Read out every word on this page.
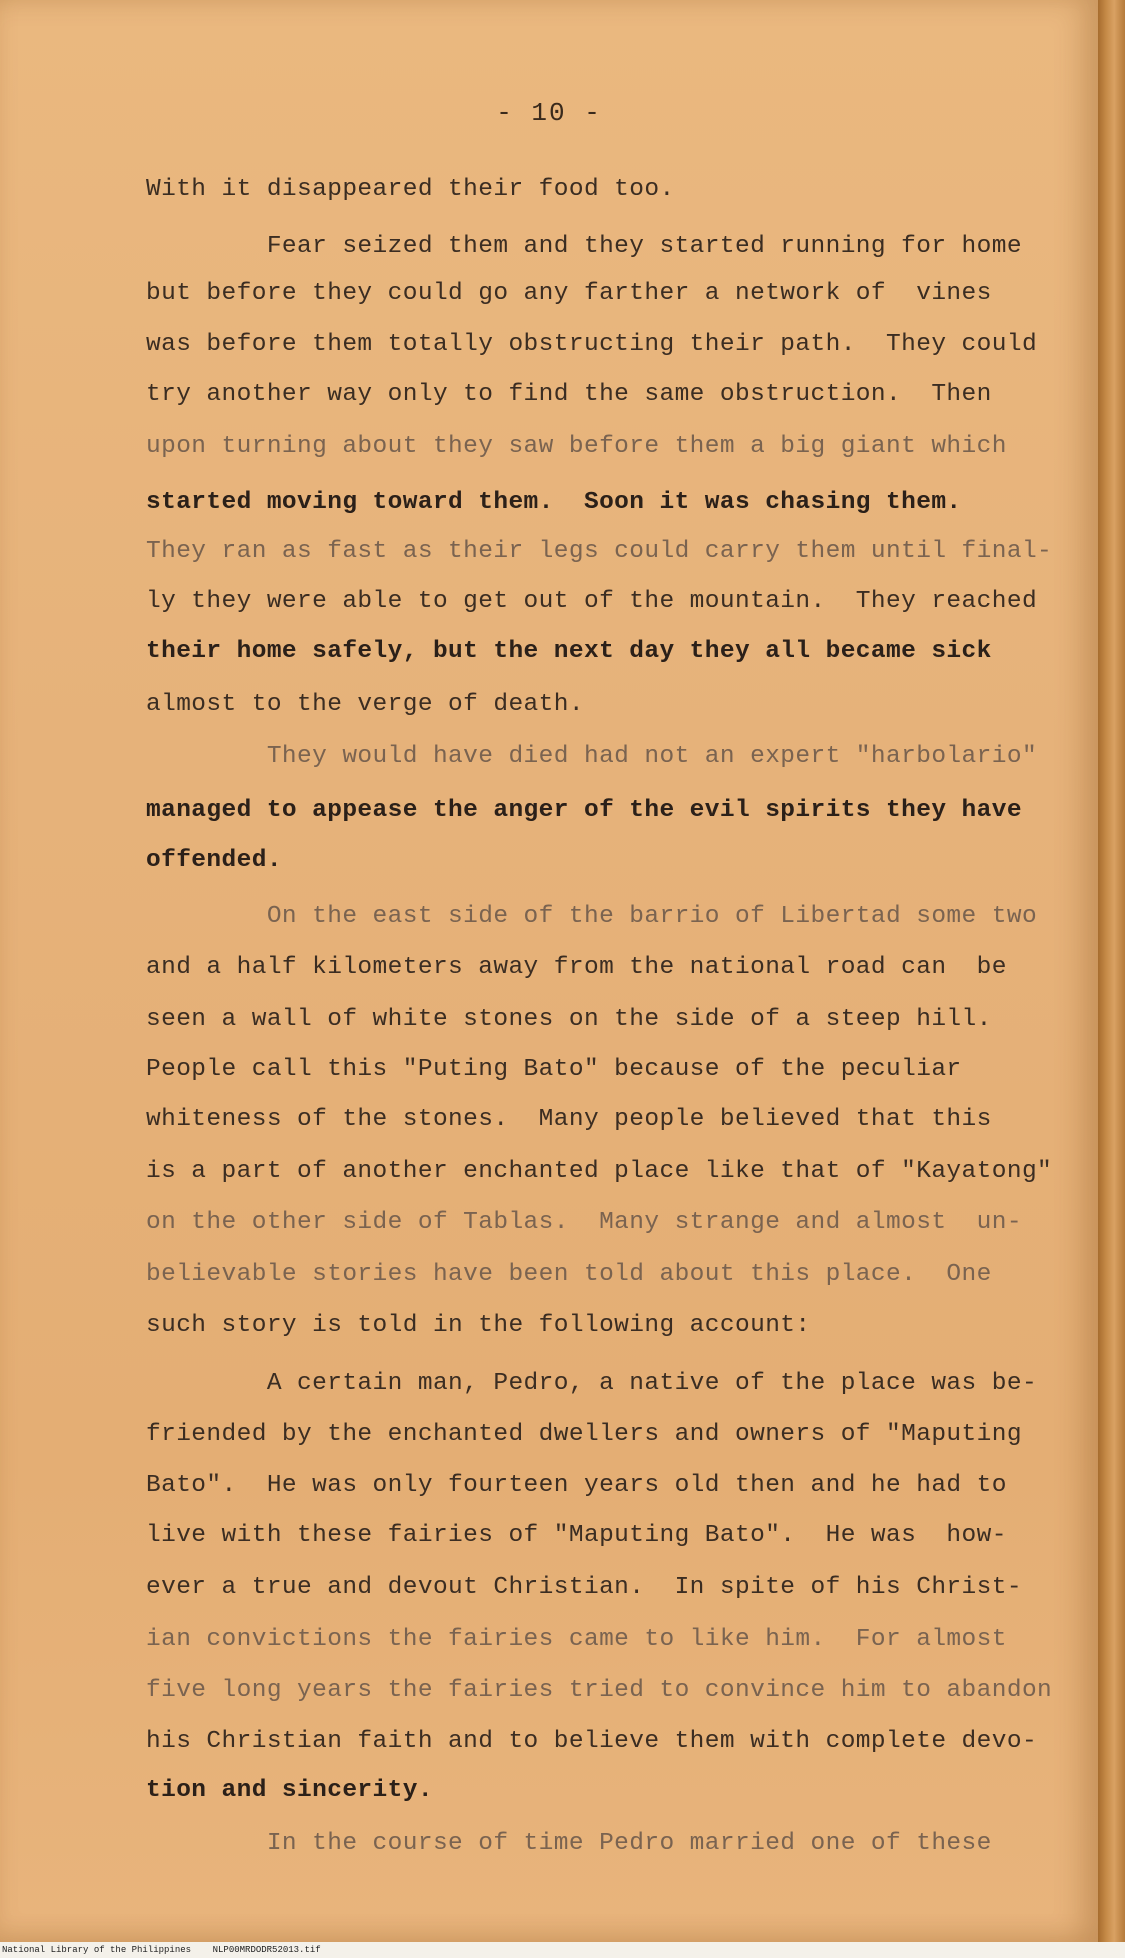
- 10 -
With it disappeared their food too.
Fear seized them and they started running for home
but before they could go any farther a network of  vines
was before them totally obstructing their path.  They could
try another way only to find the same obstruction.  Then
upon turning about they saw before them a big giant which
started moving toward them.  Soon it was chasing them.
They ran as fast as their legs could carry them until final-
ly they were able to get out of the mountain.  They reached
their home safely, but the next day they all became sick
almost to the verge of death.
They would have died had not an expert "harbolario"
managed to appease the anger of the evil spirits they have
offended.
On the east side of the barrio of Libertad some two
and a half kilometers away from the national road can  be
seen a wall of white stones on the side of a steep hill.
People call this "Puting Bato" because of the peculiar
whiteness of the stones.  Many people believed that this
is a part of another enchanted place like that of "Kayatong"
on the other side of Tablas.  Many strange and almost  un-
believable stories have been told about this place.  One
such story is told in the following account:
A certain man, Pedro, a native of the place was be-
friended by the enchanted dwellers and owners of "Maputing
Bato".  He was only fourteen years old then and he had to
live with these fairies of "Maputing Bato".  He was  how-
ever a true and devout Christian.  In spite of his Christ-
ian convictions the fairies came to like him.  For almost
five long years the fairies tried to convince him to abandon
his Christian faith and to believe them with complete devo-
tion and sincerity.
In the course of time Pedro married one of these
National Library of the Philippines    NLP00MRDODR52013.tif
